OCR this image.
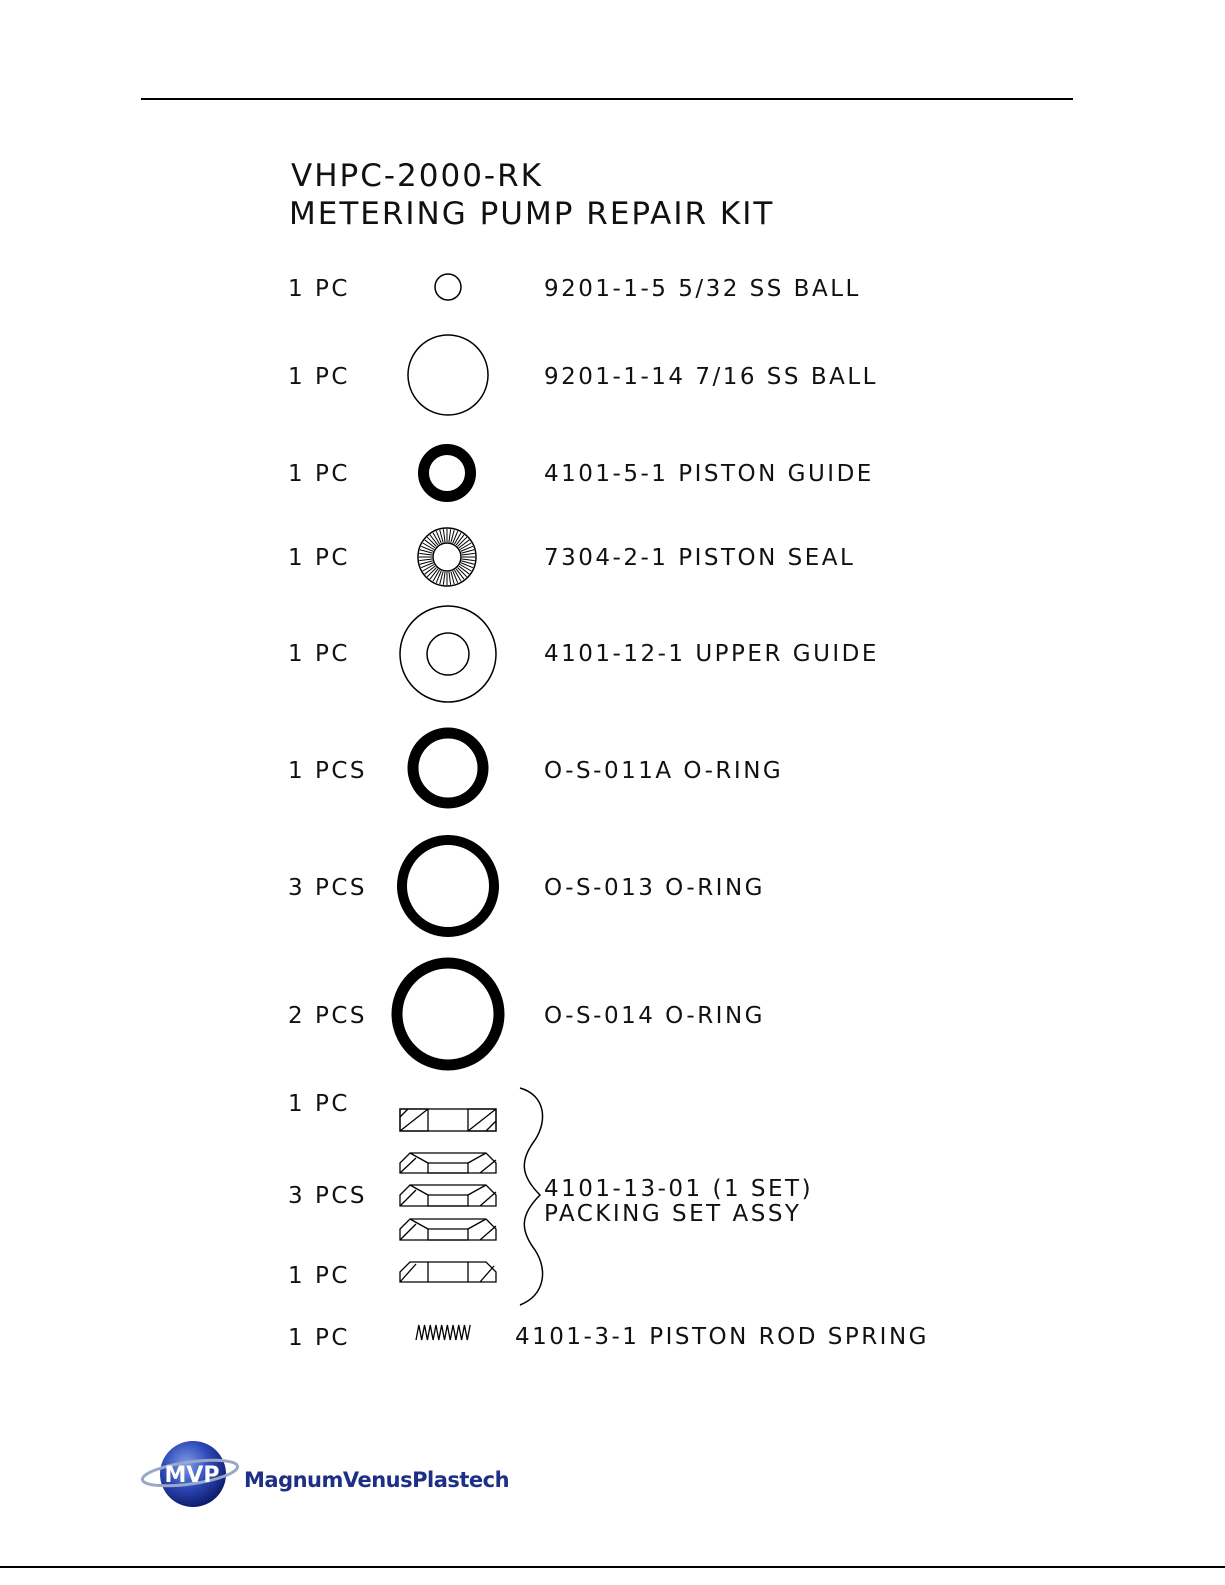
VHPC-2000-RK
METERING PUMP REPAIR KIT
1 PC
1 PC
1 PC
1 PC
1 PC
1 PCS
3 PCS
2 PCS
9201-1-5 5/32 SS BALL
9201-1-14 7/16 SS BALL
4101-5-1 PISTON GUIDE
7304-2-1 PISTON SEAL
4101-12-1 UPPER GUIDE
O-S-011A O-RING
O-S-013 O-RING
O-S-014 O-RING
1 PC
3 PCS
1 PC
4101-13-01 (1 SET)
PACKING SET ASSY
1 PC	4101-3-1 PISTON ROD SPRING
MVP MagnumVenusPlastech
